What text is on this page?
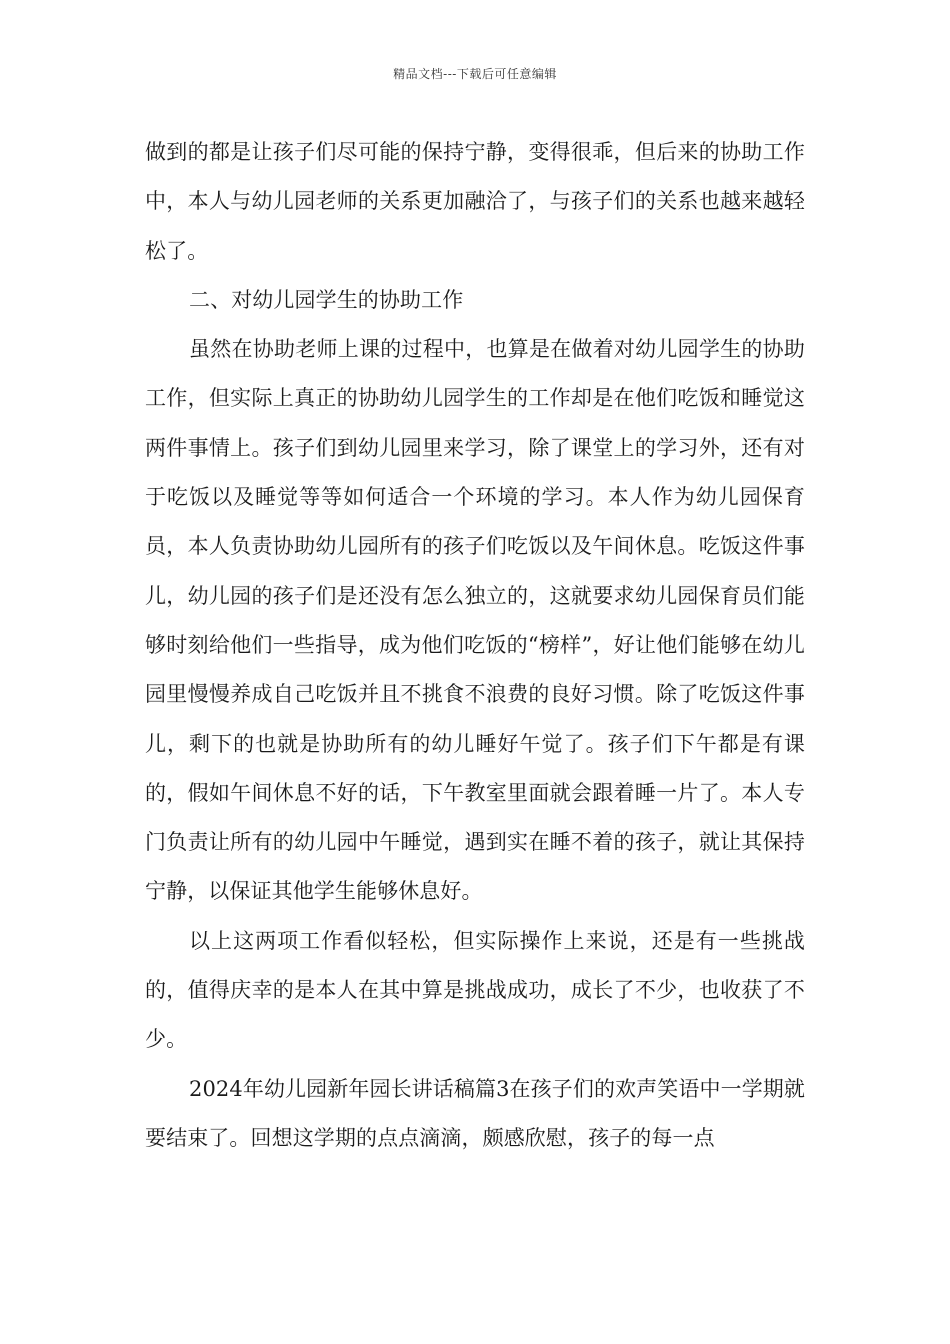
精品文档---下载后可任意编辑

做到的都是让孩子们尽可能的保持宁静，变得很乖，但后来的协助工作中，本人与幼儿园老师的关系更加融洽了，与孩子们的关系也越来越轻松了。

二、对幼儿园学生的协助工作

虽然在协助老师上课的过程中，也算是在做着对幼儿园学生的协助工作，但实际上真正的协助幼儿园学生的工作却是在他们吃饭和睡觉这两件事情上。孩子们到幼儿园里来学习，除了课堂上的学习外，还有对于吃饭以及睡觉等等如何适合一个环境的学习。本人作为幼儿园保育员，本人负责协助幼儿园所有的孩子们吃饭以及午间休息。吃饭这件事儿，幼儿园的孩子们是还没有怎么独立的，这就要求幼儿园保育员们能够时刻给他们一些指导，成为他们吃饭的“榜样”，好让他们能够在幼儿园里慢慢养成自己吃饭并且不挑食不浪费的良好习惯。除了吃饭这件事儿，剩下的也就是协助所有的幼儿睡好午觉了。孩子们下午都是有课的，假如午间休息不好的话，下午教室里面就会跟着睡一片了。本人专门负责让所有的幼儿园中午睡觉，遇到实在睡不着的孩子，就让其保持宁静，以保证其他学生能够休息好。

以上这两项工作看似轻松，但实际操作上来说，还是有一些挑战的，值得庆幸的是本人在其中算是挑战成功，成长了不少，也收获了不少。

2024年幼儿园新年园长讲话稿篇3在孩子们的欢声笑语中一学期就要结束了。回想这学期的点点滴滴，颇感欣慰，孩子的每一点
